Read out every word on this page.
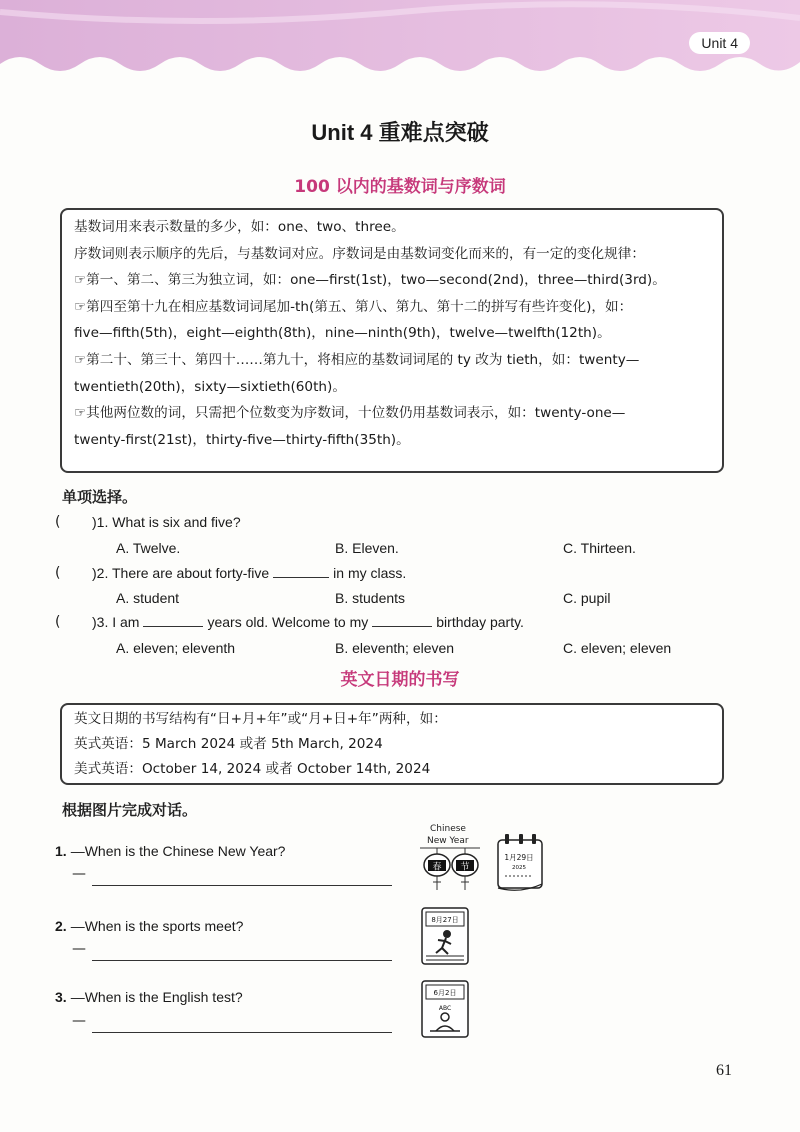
Unit 4
Unit 4 重难点突破
100 以内的基数词与序数词

基数词用来表示数量的多少，如：one、two、three。

序数词则表示顺序的先后，与基数词对应。序数词是由基数词变化而来的，有一定的变化规律：

☞第一、第二、第三为独立词，如：one—first(1st)，two—second(2nd)，three—third(3rd)。

☞第四至第十九在相应基数词词尾加-th(第五、第八、第九、第十二的拼写有些许变化)，如：

five—fifth(5th)，eight—eighth(8th)，nine—ninth(9th)，twelve—twelfth(12th)。

☞第二十、第三十、第四十……第九十，将相应的基数词词尾的 ty 改为 tieth，如：twenty—

twentieth(20th)，sixty—sixtieth(60th)。

☞其他两位数的词，只需把个位数变为序数词，十位数仍用基数词表示，如：twenty-one—

twenty-first(21st)，thirty-five—thirty-fifth(35th)。

单项选择。
( )1. What is six and five?
A. Twelve.	B. Eleven.	C. Thirteen.
( )2. There are about forty-five	in my class.
A. student	B. students	C. pupil
( )3. I am	years old. Welcome to my	birthday party.
A. eleven; eleventh	B. eleventh; eleven	C. eleven; eleven
英文日期的书写

英文日期的书写结构有“日+月+年”或“月+日+年”两种，如：

英式英语：5 March 2024 或者 5th March, 2024

美式英语：October 14, 2024 或者 October 14th, 2024

根据图片完成对话。
1. —When is the Chinese New Year?
—
2. —When is the sports meet?
—
3. —When is the English test?
—
Chinese
New Year
春 节
1月29日
2025
8月27日
6月2日
ABC
61
